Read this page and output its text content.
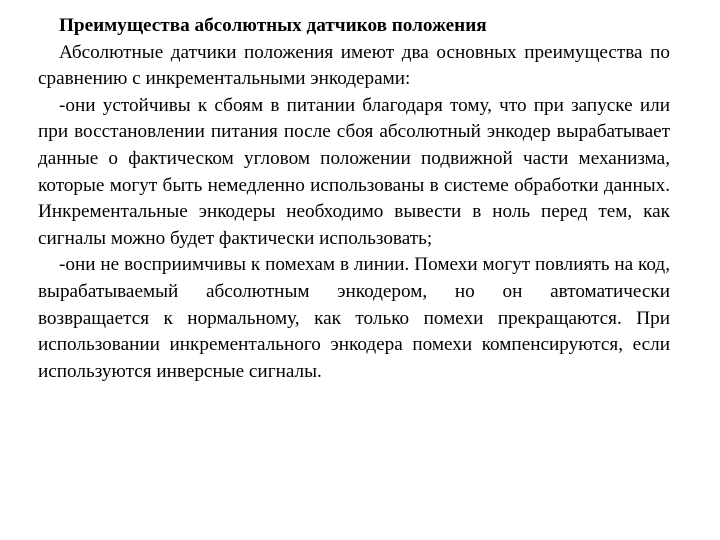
Преимущества абсолютных датчиков положения

Абсолютные датчики положения имеют два основных преимущества по сравнению с инкрементальными энкодерами:

-они устойчивы к сбоям в питании благодаря тому, что при запуске или при восстановлении питания после сбоя абсолютный энкодер вырабатывает данные о фактическом угловом положении подвижной части механизма, которые могут быть немедленно использованы в системе обработки данных. Инкрементальные энкодеры необходимо вывести в ноль перед тем, как сигналы можно будет фактически использовать;

-они не восприимчивы к помехам в линии. Помехи могут повлиять на код, вырабатываемый абсолютным энкодером, но он автоматически возвращается к нормальному, как только помехи прекращаются. При использовании инкрементального энкодера помехи компенсируются, если используются инверсные сигналы.
